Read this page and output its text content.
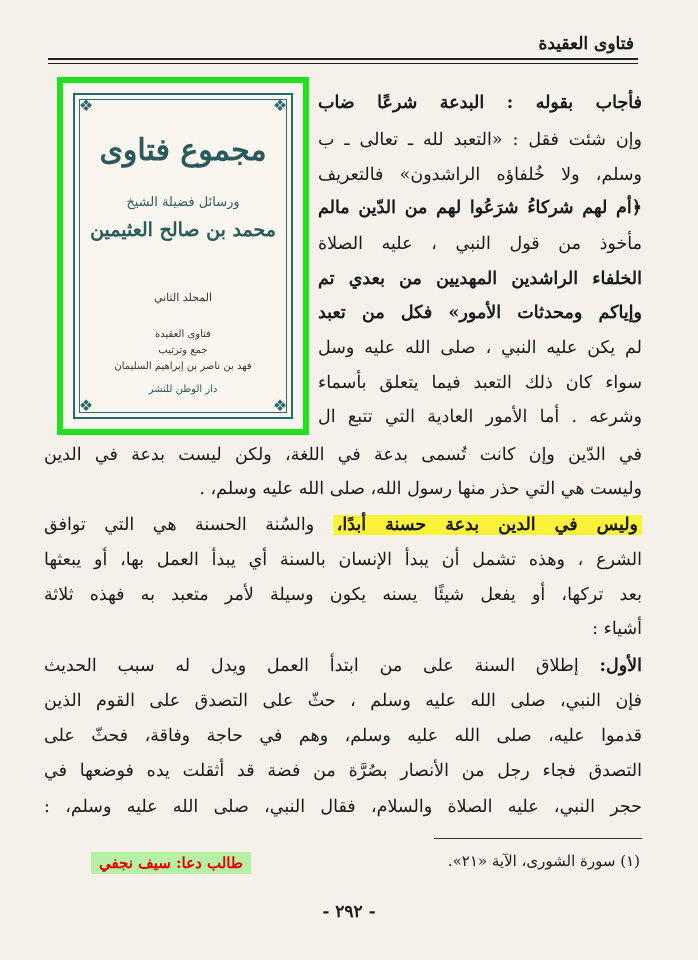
فتاوى العقيدة
❖	❖
❖	❖
مجموع فتاوى
ورسائل فضيلة الشيخ
محمد بن صالح العثيمين
المجلد الثاني
فتاوى العقيدة
جمع وترتيب
فهد بن ناصر بن إبراهيم السليمان
دار الوطن للنشر
فأجاب بقوله : البدعة شرعًا ضاب
وإن شئت فقل : «التعبد لله ـ تعالى ـ ب
وسلم، ولا خُلفاؤه الراشدون» فالتعريف
﴿أم لهم شركاءُ شرَعُوا لهم من الدّين مالم
مأخوذ من قول النبي ، عليه الصلاة
الخلفاء الراشدين المهديين من بعدي تم
وإياكم ومحدثات الأمور» فكل من تعبد
لم يكن عليه النبي ، صلى الله عليه وسل
سواء كان ذلك التعبد فيما يتعلق بأسماء
وشرعه . أما الأمور العادية التي تتبع ال
في الدّين وإن كانت تُسمى بدعة في اللغة، ولكن ليست بدعة في الدين
وليست هي التي حذر منها رسول الله، صلى الله عليه وسلم، .
وليس في الدين بدعة حسنة أبدًا، والسُنة الحسنة هي التي توافق
الشرع ، وهذه تشمل أن يبدأ الإنسان بالسنة أي يبدأ العمل بها، أو يبعثها
بعد تركها، أو يفعل شيئًا يسنه يكون وسيلة لأمر متعبد به فهذه ثلاثة
أشياء :
الأول: إطلاق السنة على من ابتدأ العمل ويدل له سبب الحديث
فإن النبي، صلى الله عليه وسلم ، حثّ على التصدق على القوم الذين
قدموا عليه، صلى الله عليه وسلم، وهم في حاجة وفاقة، فحثّ على
التصدق فجاء رجل من الأنصار بصُرَّة من فضة قد أثقلت يده فوضعها في
حجر النبي، عليه الصلاة والسلام، فقال النبي، صلى الله عليه وسلم، :
(١) سورة الشورى، الآية «٢١».
طالب دعا: سيف نجفي
- ٢٩٢ -
